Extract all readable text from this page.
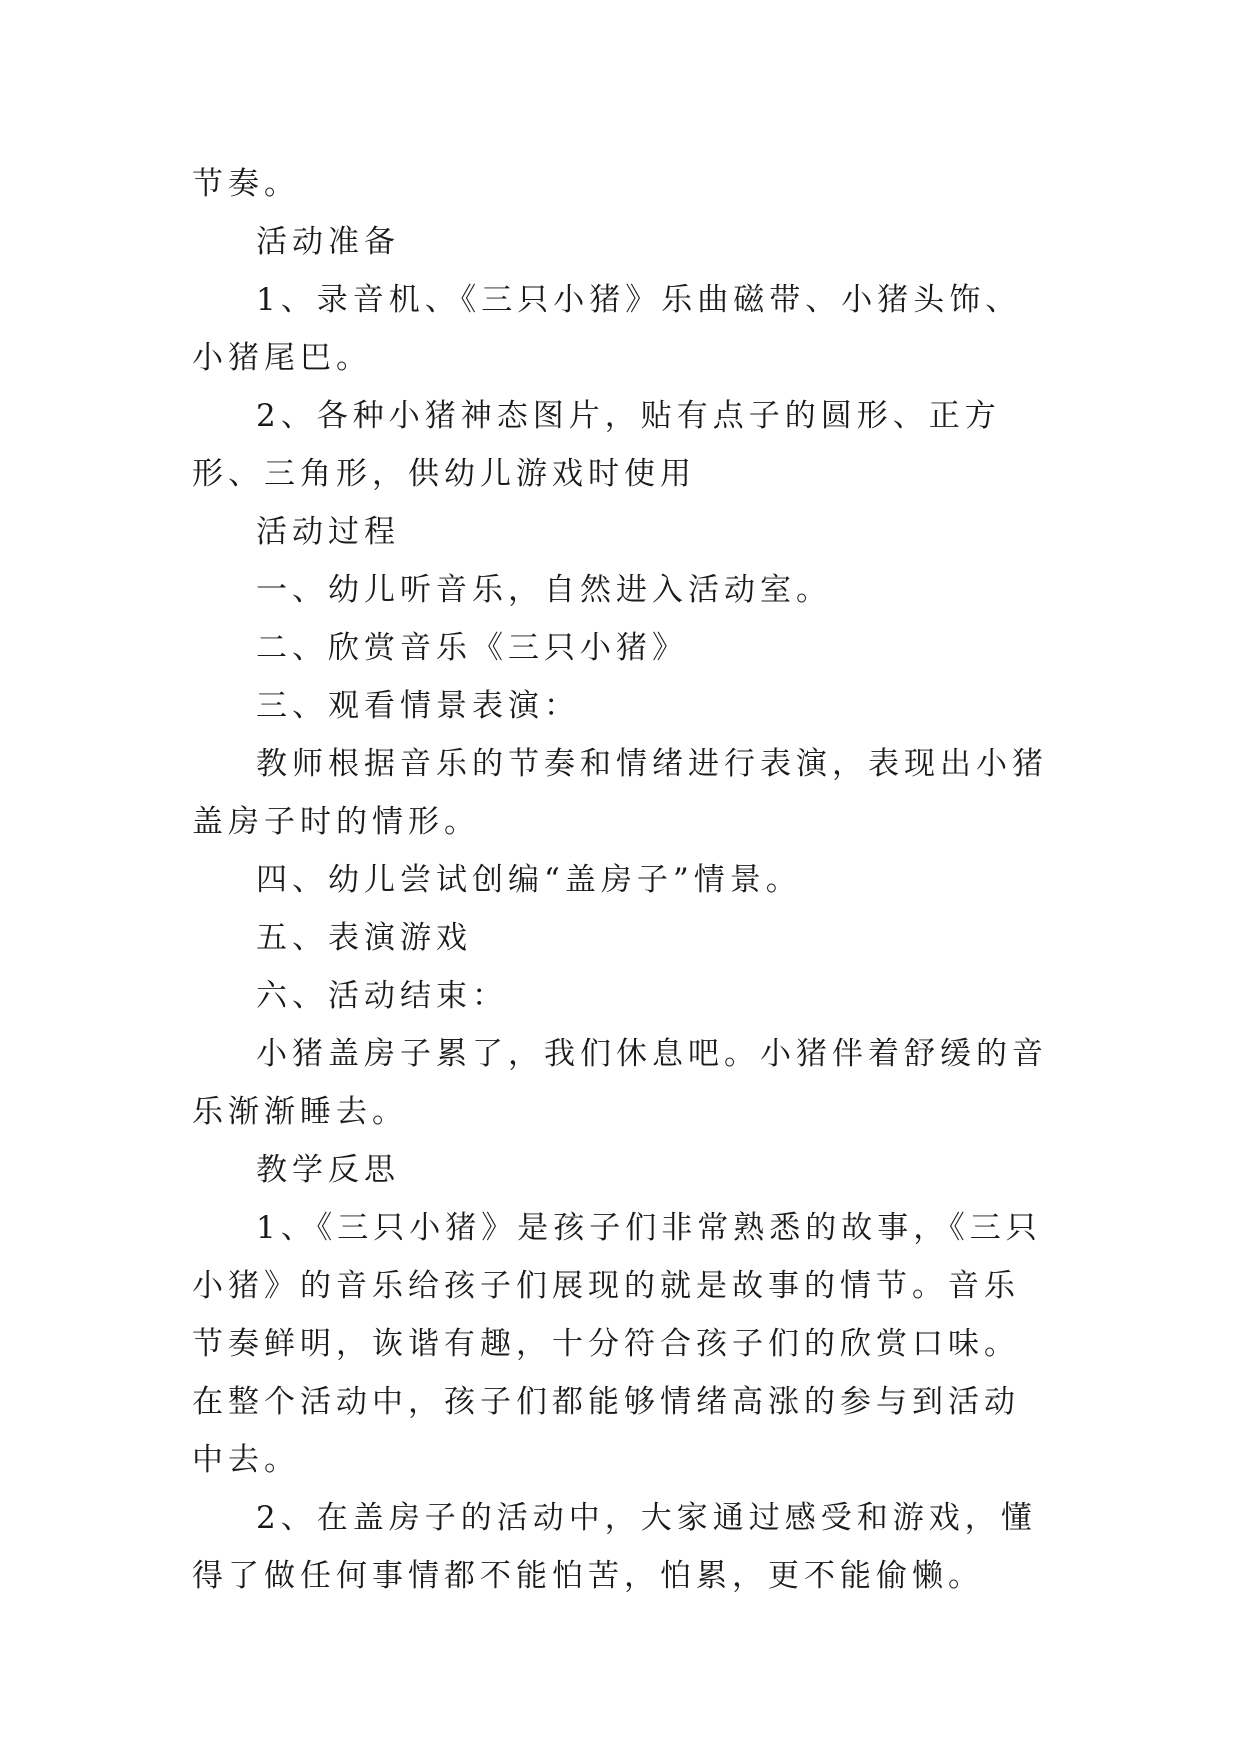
节奏。

活动准备

1、录音机、《三只小猪》乐曲磁带、小猪头饰、小猪尾巴。

2、各种小猪神态图片，贴有点子的圆形、正方形、三角形，供幼儿游戏时使用

活动过程

一、幼儿听音乐，自然进入活动室。

二、欣赏音乐《三只小猪》

三、观看情景表演：

教师根据音乐的节奏和情绪进行表演，表现出小猪盖房子时的情形。

四、幼儿尝试创编“盖房子”情景。

五、表演游戏

六、活动结束：

小猪盖房子累了，我们休息吧。小猪伴着舒缓的音乐渐渐睡去。

教学反思

1、《三只小猪》是孩子们非常熟悉的故事，《三只小猪》的音乐给孩子们展现的就是故事的情节。音乐节奏鲜明，诙谐有趣，十分符合孩子们的欣赏口味。在整个活动中，孩子们都能够情绪高涨的参与到活动中去。

2、在盖房子的活动中，大家通过感受和游戏，懂得了做任何事情都不能怕苦，怕累，更不能偷懒。
